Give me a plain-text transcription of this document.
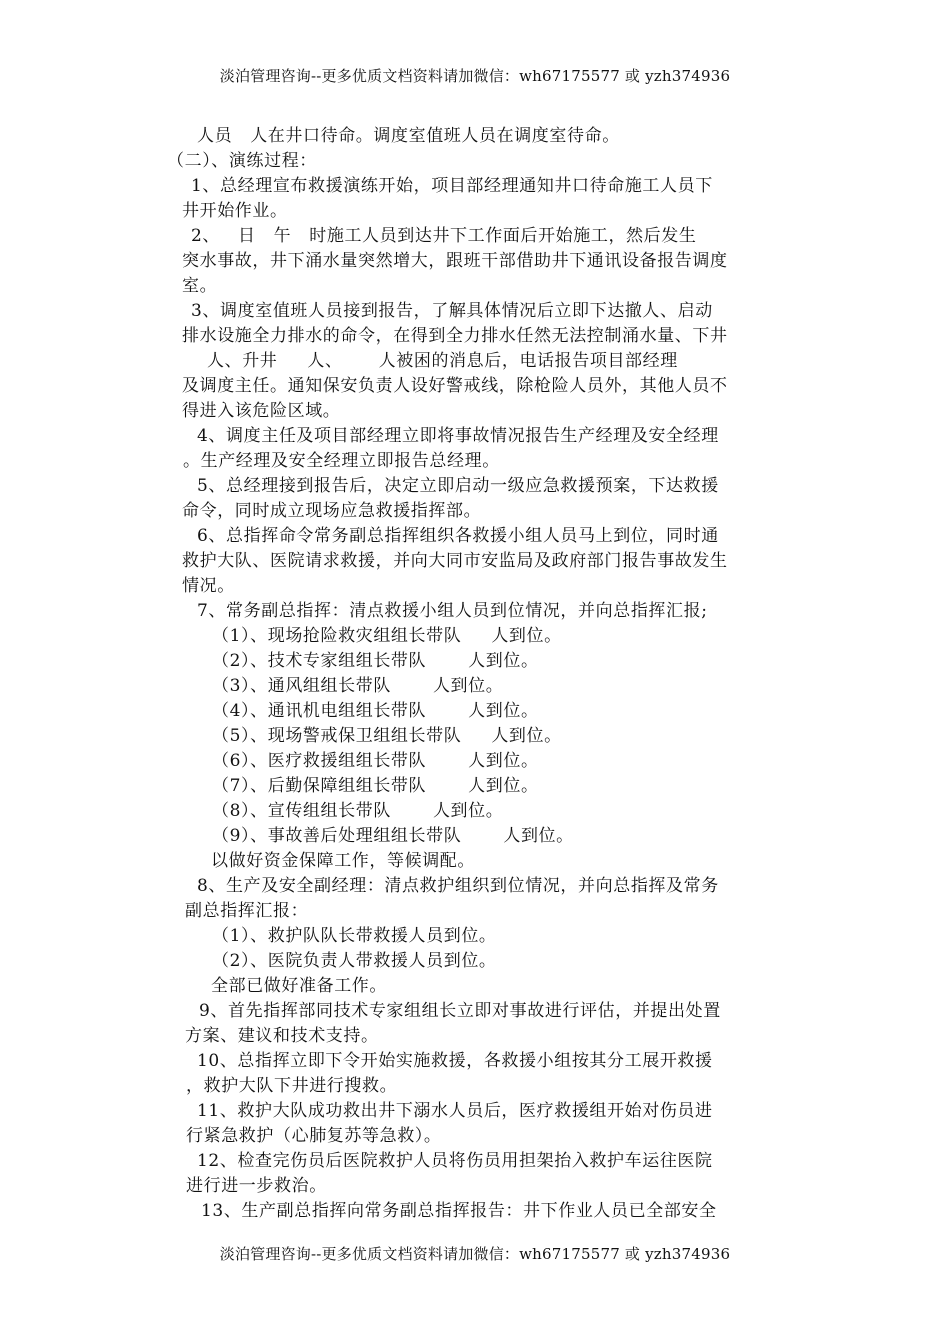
淡泊管理咨询--更多优质文档资料请加微信：wh67175577 或 yzh374936
人员   人在井口待命。调度室值班人员在调度室待命。
（二）、演练过程：
1、总经理宣布救援演练开始，项目部经理通知井口待命施工人员下
井开始作业。
2、   日   午   时施工人员到达井下工作面后开始施工，然后发生
突水事故，井下涌水量突然增大，跟班干部借助井下通讯设备报告调度
室。
3、调度室值班人员接到报告，了解具体情况后立即下达撤人、启动
排水设施全力排水的命令，在得到全力排水任然无法控制涌水量、下井
人、升井     人、      人被困的消息后，电话报告项目部经理
及调度主任。通知保安负责人设好警戒线，除枪险人员外，其他人员不
得进入该危险区域。
4、调度主任及项目部经理立即将事故情况报告生产经理及安全经理
。生产经理及安全经理立即报告总经理。
5、总经理接到报告后，决定立即启动一级应急救援预案，下达救援
命令，同时成立现场应急救援指挥部。
6、总指挥命令常务副总指挥组织各救援小组人员马上到位，同时通
救护大队、医院请求救援，并向大同市安监局及政府部门报告事故发生
情况。
7、常务副总指挥：清点救援小组人员到位情况，并向总指挥汇报;
（1）、现场抢险救灾组组长带队     人到位。
（2）、技术专家组组长带队       人到位。
（3）、通风组组长带队       人到位。
（4）、通讯机电组组长带队       人到位。
（5）、现场警戒保卫组组长带队     人到位。
（6）、医疗救援组组长带队       人到位。
（7）、后勤保障组组长带队       人到位。
（8）、宣传组组长带队       人到位。
（9）、事故善后处理组组长带队       人到位。
以做好资金保障工作，等候调配。
8、生产及安全副经理：清点救护组织到位情况，并向总指挥及常务
副总指挥汇报：
（1）、救护队队长带救援人员到位。
（2）、医院负责人带救援人员到位。
全部已做好准备工作。
9、首先指挥部同技术专家组组长立即对事故进行评估，并提出处置
方案、建议和技术支持。
10、总指挥立即下令开始实施救援，各救援小组按其分工展开救援
，救护大队下井进行搜救。
11、救护大队成功救出井下溺水人员后，医疗救援组开始对伤员进
行紧急救护（心肺复苏等急救）。
12、检查完伤员后医院救护人员将伤员用担架抬入救护车运往医院
进行进一步救治。
13、生产副总指挥向常务副总指挥报告：井下作业人员已全部安全
淡泊管理咨询--更多优质文档资料请加微信：wh67175577 或 yzh374936
